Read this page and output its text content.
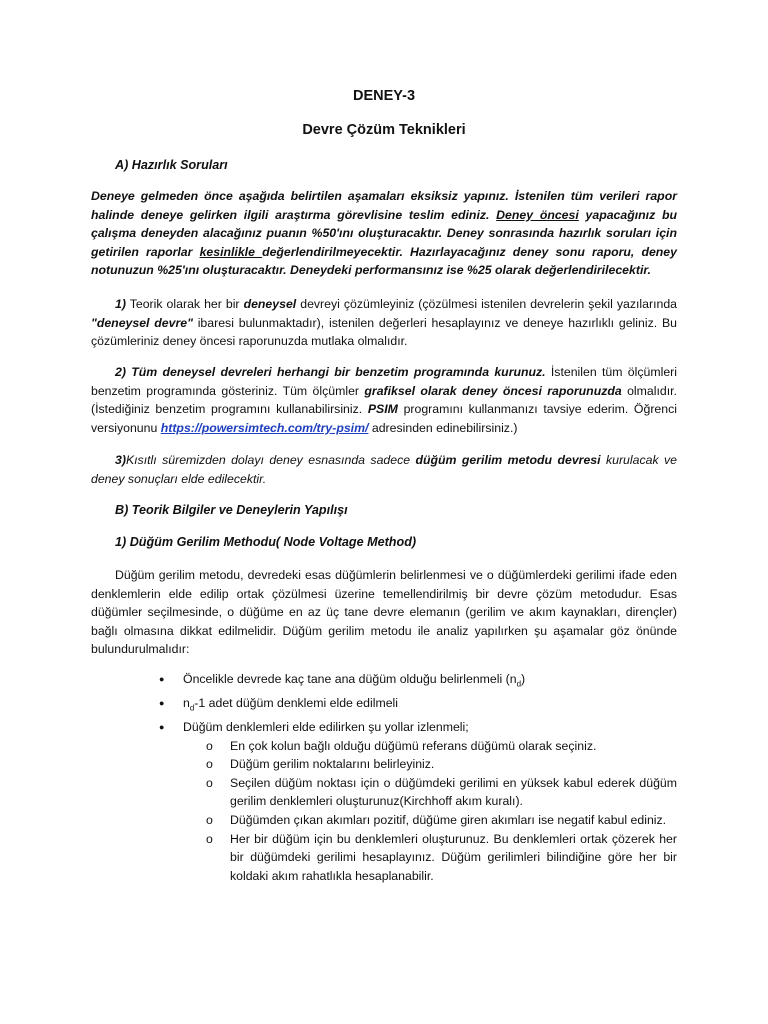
DENEY-3
Devre Çözüm Teknikleri
A) Hazırlık Soruları
Deneye gelmeden önce aşağıda belirtilen aşamaları eksiksiz yapınız. İstenilen tüm verileri rapor halinde deneye gelirken ilgili araştırma görevlisine teslim ediniz. Deney öncesi yapacağınız bu çalışma deneyden alacağınız puanın %50'ını oluşturacaktır. Deney sonrasında hazırlık soruları için getirilen raporlar kesinlikle değerlendirilmeyecektir. Hazırlayacağınız deney sonu raporu, deney notunuzun %25'ını oluşturacaktır. Deneydeki performansınız ise %25 olarak değerlendirilecektir.
1) Teorik olarak her bir deneysel devreyi çözümleyiniz (çözülmesi istenilen devrelerin şekil yazılarında "deneysel devre" ibaresi bulunmaktadır), istenilen değerleri hesaplayınız ve deneye hazırlıklı geliniz. Bu çözümleriniz deney öncesi raporunuzda mutlaka olmalıdır.
2) Tüm deneysel devreleri herhangi bir benzetim programında kurunuz. İstenilen tüm ölçümleri benzetim programında gösteriniz. Tüm ölçümler grafiksel olarak deney öncesi raporunuzda olmalıdır. (İstediğiniz benzetim programını kullanabilirsiniz. PSIM programını kullanmanızı tavsiye ederim. Öğrenci versiyonunu https://powersimtech.com/try-psim/ adresinden edinebilirsiniz.)
3)Kısıtlı süremizden dolayı deney esnasında sadece düğüm gerilim metodu devresi kurulacak ve deney sonuçları elde edilecektir.
B) Teorik Bilgiler ve Deneylerin Yapılışı
1) Düğüm Gerilim Methodu( Node Voltage Method)
Düğüm gerilim metodu, devredeki esas düğümlerin belirlenmesi ve o düğümlerdeki gerilimi ifade eden denklemlerin elde edilip ortak çözülmesi üzerine temellendirilmiş bir devre çözüm metodudur. Esas düğümler seçilmesinde, o düğüme en az üç tane devre elemanın (gerilim ve akım kaynakları, dirençler) bağlı olmasına dikkat edilmelidir. Düğüm gerilim metodu ile analiz yapılırken şu aşamalar göz önünde bulundurulmalıdır:
● Öncelikle devrede kaç tane ana düğüm olduğu belirlenmeli $(n_d)$
● $n_d-1$ adet düğüm denklemi elde edilmeli
● Düğüm denklemleri elde edilirken şu yollar izlenmeli;
o En çok kolun bağlı olduğu düğümü referans düğümü olarak seçiniz.
o Düğüm gerilim noktalarını belirleyiniz.
o Seçilen düğüm noktası için o düğümdeki gerilimi en yüksek kabul ederek düğüm gerilim denklemleri oluşturunuz(Kirchhoff akım kuralı).
o Düğümden çıkan akımları pozitif, düğüme giren akımları ise negatif kabul ediniz.
o Her bir düğüm için bu denklemleri oluşturunuz. Bu denklemleri ortak çözerek her bir düğümdeki gerilimi hesaplayınız. Düğüm gerilimleri bilindiğine göre her bir koldaki akım rahatlıkla hesaplanabilir.
